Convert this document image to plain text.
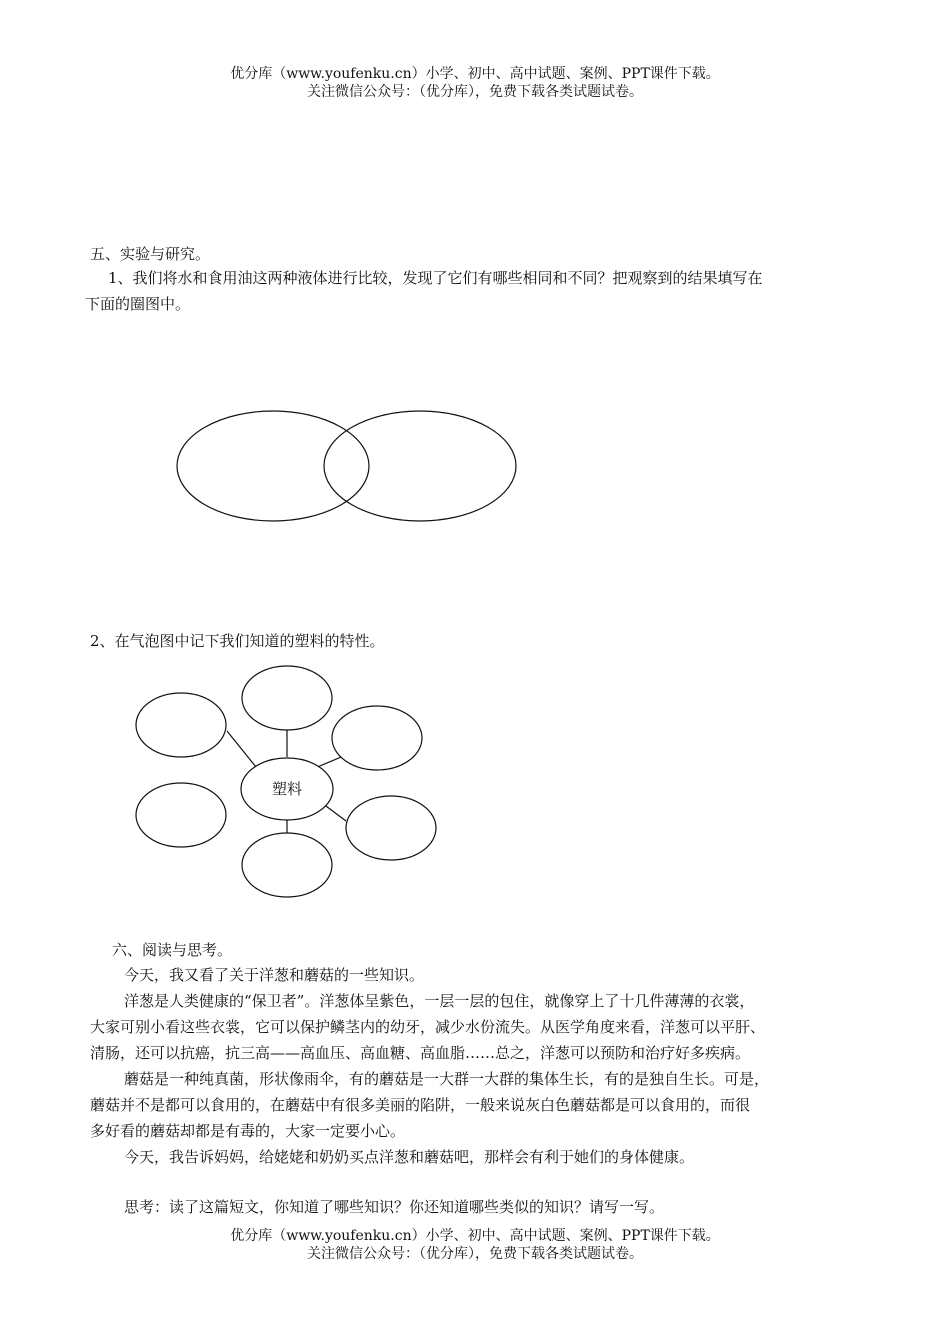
优分库（www.youfenku.cn）小学、初中、高中试题、案例、PPT课件下载。

关注微信公众号：（优分库），免费下载各类试题试卷。

五、实验与研究。

1、我们将水和食用油这两种液体进行比较，发现了它们有哪些相同和不同？把观察到的结果填写在

下面的圈图中。

2、在气泡图中记下我们知道的塑料的特性。

塑料

六、阅读与思考。

今天，我又看了关于洋葱和蘑菇的一些知识。

洋葱是人类健康的“保卫者”。洋葱体呈紫色，一层一层的包住，就像穿上了十几件薄薄的衣裳，

大家可别小看这些衣裳，它可以保护鳞茎内的幼牙，减少水份流失。从医学角度来看，洋葱可以平肝、

清肠，还可以抗癌，抗三高——高血压、高血糖、高血脂……总之，洋葱可以预防和治疗好多疾病。

蘑菇是一种纯真菌，形状像雨伞，有的蘑菇是一大群一大群的集体生长，有的是独自生长。可是，

蘑菇并不是都可以食用的，在蘑菇中有很多美丽的陷阱，一般来说灰白色蘑菇都是可以食用的，而很

多好看的蘑菇却都是有毒的，大家一定要小心。

今天，我告诉妈妈，给姥姥和奶奶买点洋葱和蘑菇吧，那样会有利于她们的身体健康。

思考：读了这篇短文，你知道了哪些知识？你还知道哪些类似的知识？请写一写。

优分库（www.youfenku.cn）小学、初中、高中试题、案例、PPT课件下载。

关注微信公众号：（优分库），免费下载各类试题试卷。
